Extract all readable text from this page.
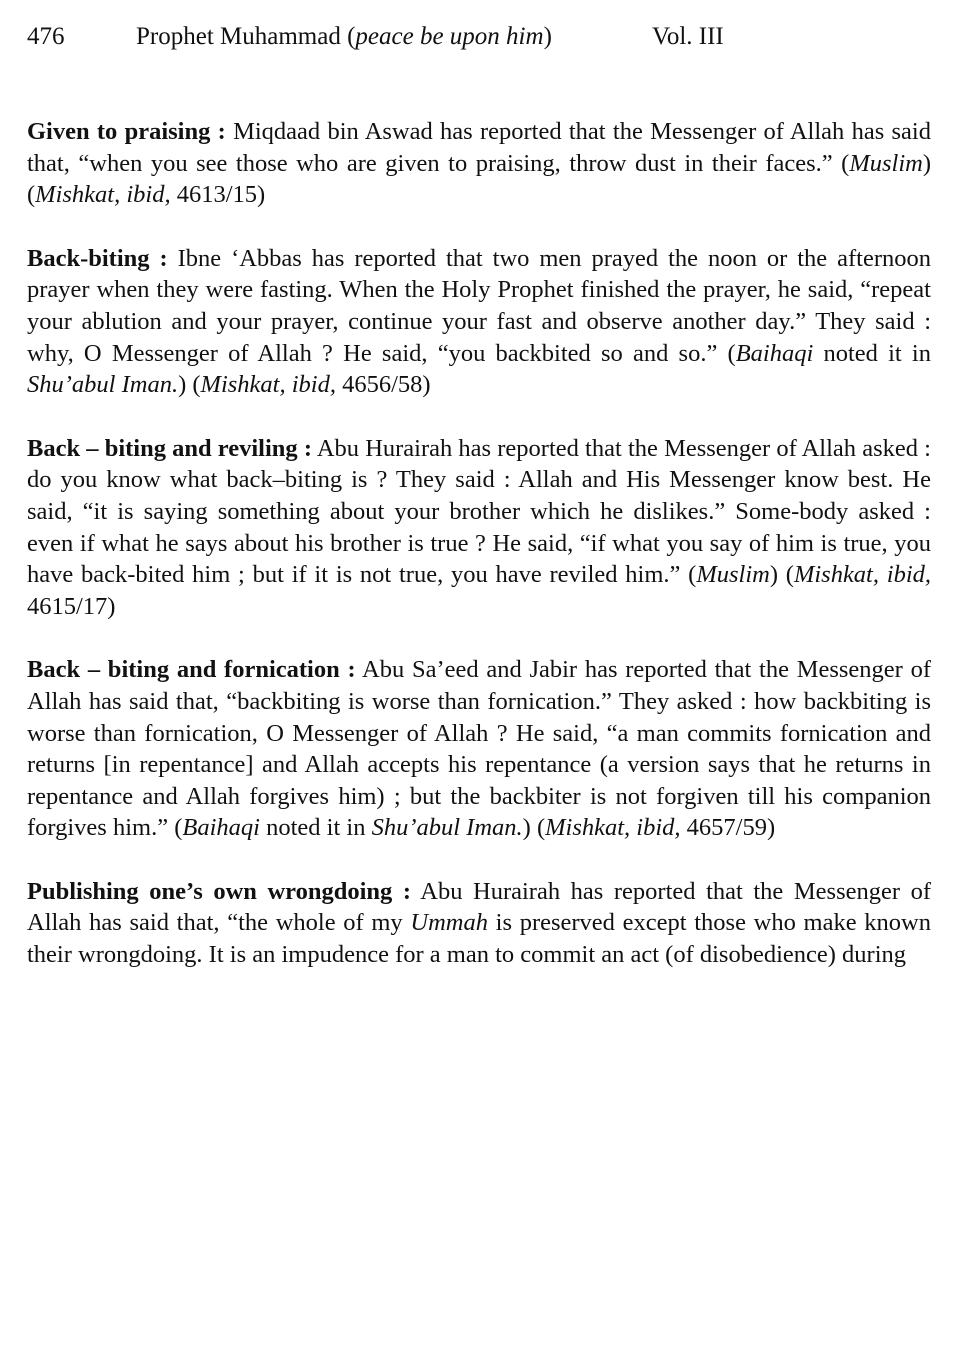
476	Prophet Muhammad (peace be upon him)	Vol. III

Given to praising : Miqdaad bin Aswad has reported that the Messenger of Allah has said that, “when you see those who are given to praising, throw dust in their faces.” (Muslim) (Mishkat, ibid, 4613/15)

Back-biting : Ibne ‘Abbas has reported that two men prayed the noon or the afternoon prayer when they were fasting. When the Holy Prophet finished the prayer, he said, “repeat your ablution and your prayer, continue your fast and observe another day.” They said : why, O Messenger of Allah ? He said, “you backbited so and so.” (Baihaqi noted it in Shu’abul Iman.) (Mishkat, ibid, 4656/58)

Back – biting and reviling : Abu Hurairah has reported that the Messenger of Allah asked : do you know what back–biting is ? They said : Allah and His Messenger know best. He said, “it is saying something about your brother which he dislikes.” Some-body asked : even if what he says about his brother is true ? He said, “if what you say of him is true, you have back-bited him ; but if it is not true, you have reviled him.” (Muslim) (Mishkat, ibid, 4615/17)

Back – biting and fornication : Abu Sa’eed and Jabir has reported that the Messenger of Allah has said that, “backbiting is worse than fornication.” They asked : how backbiting is worse than fornication, O Messenger of Allah ? He said, “a man commits fornication and returns [in repentance] and Allah accepts his repentance (a version says that he returns in repentance and Allah forgives him) ; but the backbiter is not forgiven till his companion forgives him.” (Baihaqi noted it in Shu’abul Iman.) (Mishkat, ibid, 4657/59)

Publishing one’s own wrongdoing : Abu Hurairah has reported that the Messenger of Allah has said that, “the whole of my Ummah is preserved except those who make known their wrongdoing. It is an impudence for a man to commit an act (of disobedience) during
